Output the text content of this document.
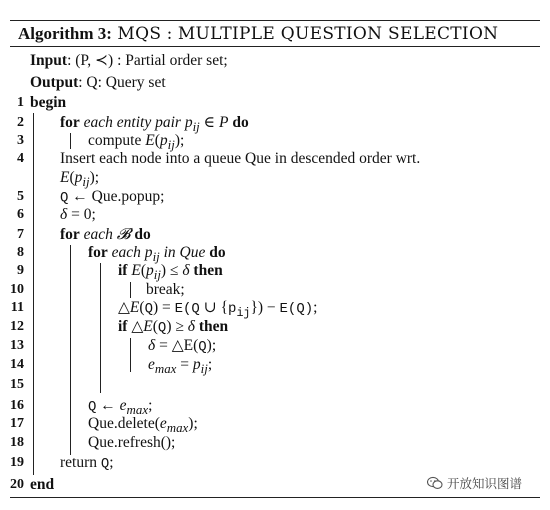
Algorithm 3: MQS : MULTIPLE QUESTION SELECTION
Input: (P, ≺) : Partial order set;
Output: Q: Query set
1 begin
2 for each entity pair $p_{ij}$ ∈ P do
3	compute $E(p_{ij})$;
4 Insert each node into a queue Que in descended order wrt.
$E(p_{ij})$;
5	Q ← Que.popup;
6 δ = 0;
7 for each 𝓑 do
8	for each $p_{ij}$ in Que do
9	if $E(p_{ij}) \le \delta$ then
10	break;
11	△E(Q) = E(Q ∪ $\{p_{ij}\}) - E(Q)$;
12	if △E(Q) ≥ δ then
13	δ = △E(Q);
14	$e_{max} = p_{ij}$;
15
16	Q ← $e_{max}$;
17	$Que.delete(e_{max})$;
18	Que.refresh();
19 return Q;
20 end	开放知识图谱
